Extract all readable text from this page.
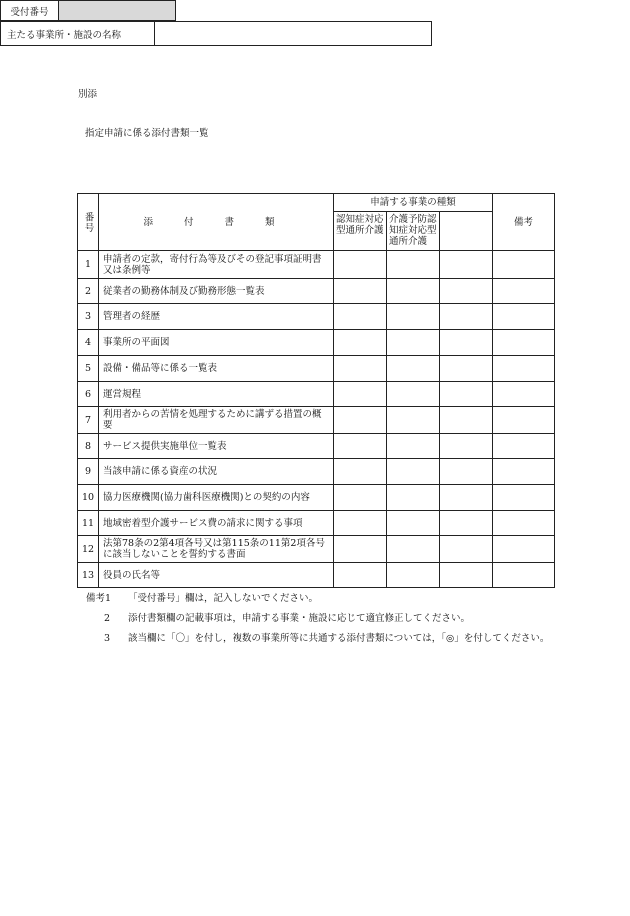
別添
受付番号	
指定申請に係る添付書類一覧
主たる事業所・施設の名称	
番号	添 付 書 類	申請する事業の種類			備考
		認知症対応型通所介護	介護予防認知症対応型通所介護		
1	申請者の定款，寄付行為等及びその登記事項証明書又は条例等				
2	従業者の勤務体制及び勤務形態一覧表				
3	管理者の経歴				
4	事業所の平面図				
5	設備・備品等に係る一覧表				
6	運営規程				
7	利用者からの苦情を処理するために講ずる措置の概要				
8	サービス提供実施単位一覧表				
9	当該申請に係る資産の状況				
10	協力医療機関(協力歯科医療機関)との契約の内容				
11	地域密着型介護サービス費の請求に関する事項				
12	法第78条の2第4項各号又は第115条の11第2項各号に該当しないことを誓約する書面				
13	役員の氏名等				
備考1	「受付番号」欄は，記入しないでください。
2	添付書類欄の記載事項は，申請する事業・施設に応じて適宜修正してください。
3	該当欄に「〇」を付し，複数の事業所等に共通する添付書類については，「◎」を付してください。
